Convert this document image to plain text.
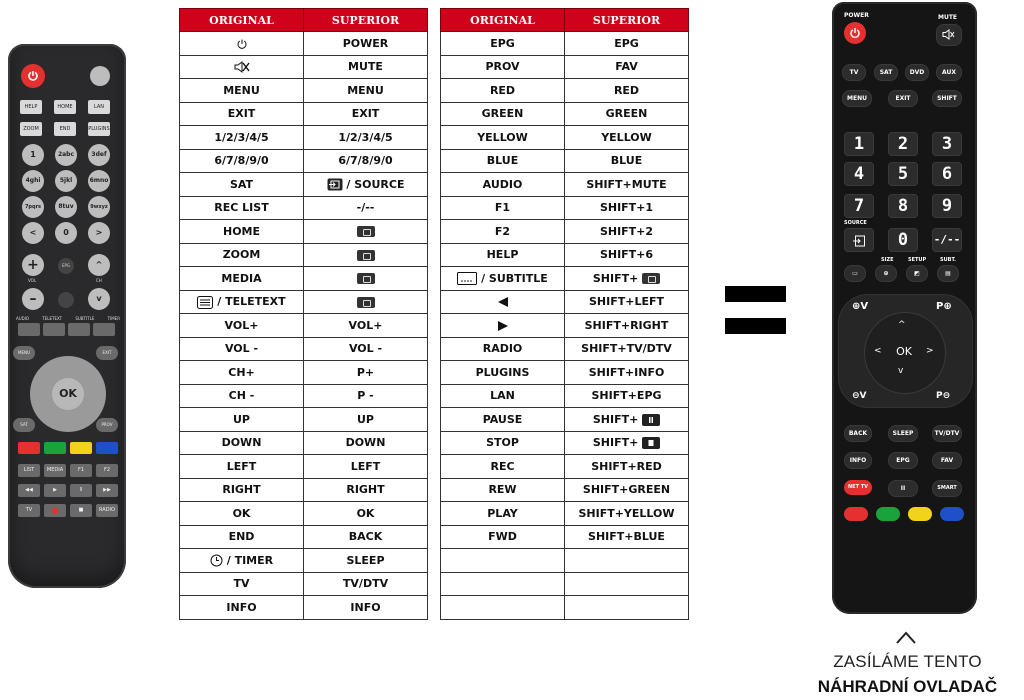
HELP	HOME	LAN
ZOOM	END	PLUGINS
1	2abc	3def
4ghi	5jkl	6mno
7pqrs	8tuv	9wxyz
<	0	>
+
–
^
v
VOL	CH
EPG
AUDIO	TELETEXT	SUBTITLE	TIMER
MENU	EXIT
OK
SAT	PROV
LIST	MEDIA	F1	F2
◀◀	▶	II	▶▶
TV	●	■	RADIO
ORIGINAL	SUPERIOR
	POWER
	MUTE
MENU	MENU
EXIT	EXIT
1/2/3/4/5	1/2/3/4/5
6/7/8/9/0	6/7/8/9/0
SAT	/ SOURCE
REC LIST	-/--
HOME	
ZOOM	
MEDIA	
/ TELETEXT	
VOL+	VOL+
VOL -	VOL -
CH+	P+
CH -	P -
UP	UP
DOWN	DOWN
LEFT	LEFT
RIGHT	RIGHT
OK	OK
END	BACK
/ TIMER	SLEEP
TV	TV/DTV
INFO	INFO
ORIGINAL	SUPERIOR
EPG	EPG
PROV	FAV
RED	RED
GREEN	GREEN
YELLOW	YELLOW
BLUE	BLUE
AUDIO	SHIFT+MUTE
F1	SHIFT+1
F2	SHIFT+2
HELP	SHIFT+6
/ SUBTITLE	SHIFT+
	SHIFT+LEFT
	SHIFT+RIGHT
RADIO	SHIFT+TV/DTV
PLUGINS	SHIFT+INFO
LAN	SHIFT+EPG
PAUSE	SHIFT+
STOP	SHIFT+
REC	SHIFT+RED
REW	SHIFT+GREEN
PLAY	SHIFT+YELLOW
FWD	SHIFT+BLUE

POWER	MUTE
TV	SAT	DVD	AUX
MENU	EXIT	SHIFT
1	2	3
4	5	6
7	8	9
SOURCE
0	-/--
SIZE	SETUP	SUBT.
▭	⊕	◩	▤
⊕V	P⊕
⊖V	P⊖
^
v
<	>
OK
BACK	SLEEP	TV/DTV
INFO	EPG	FAV
NET TV	II	SMART
ZASÍLÁME TENTO
NÁHRADNÍ OVLADAČ
